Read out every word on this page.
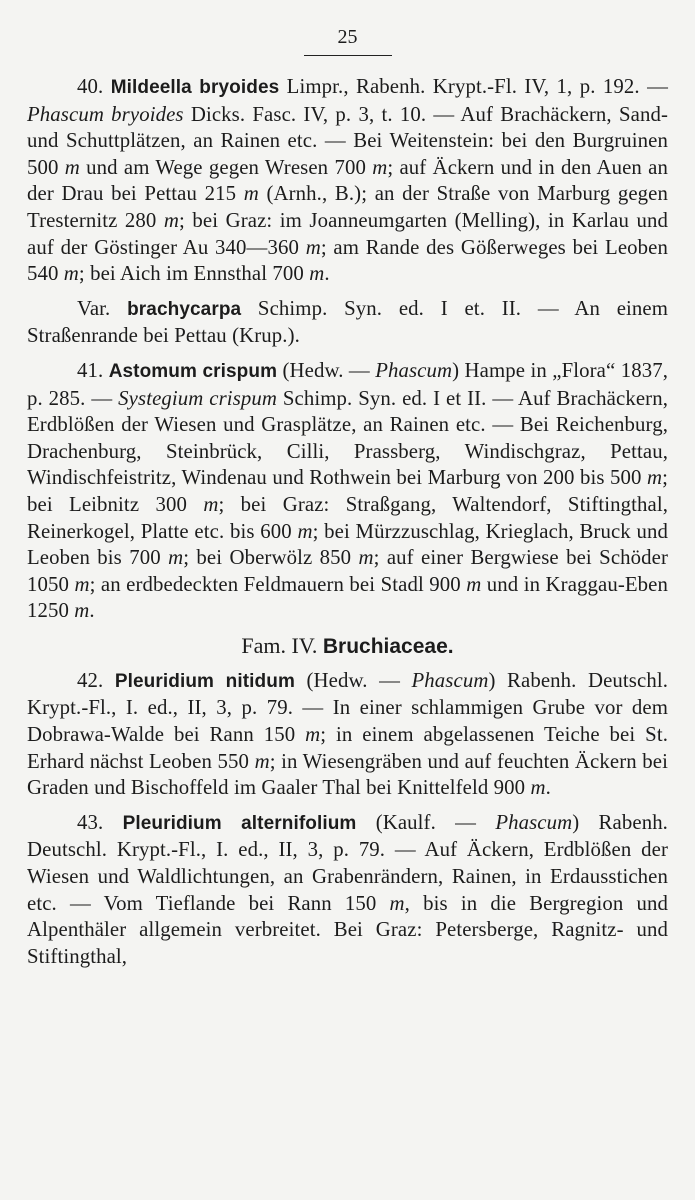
25

40. Mildeella bryoides Limpr., Rabenh. Krypt.-Fl. IV, 1, p. 192. — Phascum bryoides Dicks. Fasc. IV, p. 3, t. 10. — Auf Brachäckern, Sand- und Schuttplätzen, an Rainen etc. — Bei Weitenstein: bei den Burgruinen 500 m und am Wege gegen Wresen 700 m; auf Äckern und in den Auen an der Drau bei Pettau 215 m (Arnh., B.); an der Straße von Marburg gegen Tresternitz 280 m; bei Graz: im Joanneumgarten (Melling), in Karlau und auf der Göstinger Au 340—360 m; am Rande des Gößerweges bei Leoben 540 m; bei Aich im Ennsthal 700 m.

Var. brachycarpa Schimp. Syn. ed. I et. II. — An einem Straßenrande bei Pettau (Krup.).

41. Astomum crispum (Hedw. — Phascum) Hampe in „Flora“ 1837, p. 285. — Systegium crispum Schimp. Syn. ed. I et II. — Auf Brachäckern, Erdblößen der Wiesen und Grasplätze, an Rainen etc. — Bei Reichenburg, Drachenburg, Steinbrück, Cilli, Prassberg, Windischgraz, Pettau, Windischfeistritz, Windenau und Rothwein bei Marburg von 200 bis 500 m; bei Leibnitz 300 m; bei Graz: Straßgang, Waltendorf, Stiftingthal, Reinerkogel, Platte etc. bis 600 m; bei Mürzzuschlag, Krieglach, Bruck und Leoben bis 700 m; bei Oberwölz 850 m; auf einer Bergwiese bei Schöder 1050 m; an erdbedeckten Feldmauern bei Stadl 900 m und in Kraggau-Eben 1250 m.

Fam. IV. Bruchiaceae.

42. Pleuridium nitidum (Hedw. — Phascum) Rabenh. Deutschl. Krypt.-Fl., I. ed., II, 3, p. 79. — In einer schlammigen Grube vor dem Dobrawa-Walde bei Rann 150 m; in einem abgelassenen Teiche bei St. Erhard nächst Leoben 550 m; in Wiesengräben und auf feuchten Äckern bei Graden und Bischoffeld im Gaaler Thal bei Knittelfeld 900 m.

43. Pleuridium alternifolium (Kaulf. — Phascum) Rabenh. Deutschl. Krypt.-Fl., I. ed., II, 3, p. 79. — Auf Äckern, Erdblößen der Wiesen und Waldlichtungen, an Grabenrändern, Rainen, in Erdausstichen etc. — Vom Tieflande bei Rann 150 m, bis in die Bergregion und Alpenthäler allgemein verbreitet. Bei Graz: Petersberge, Ragnitz- und Stiftingthal,
